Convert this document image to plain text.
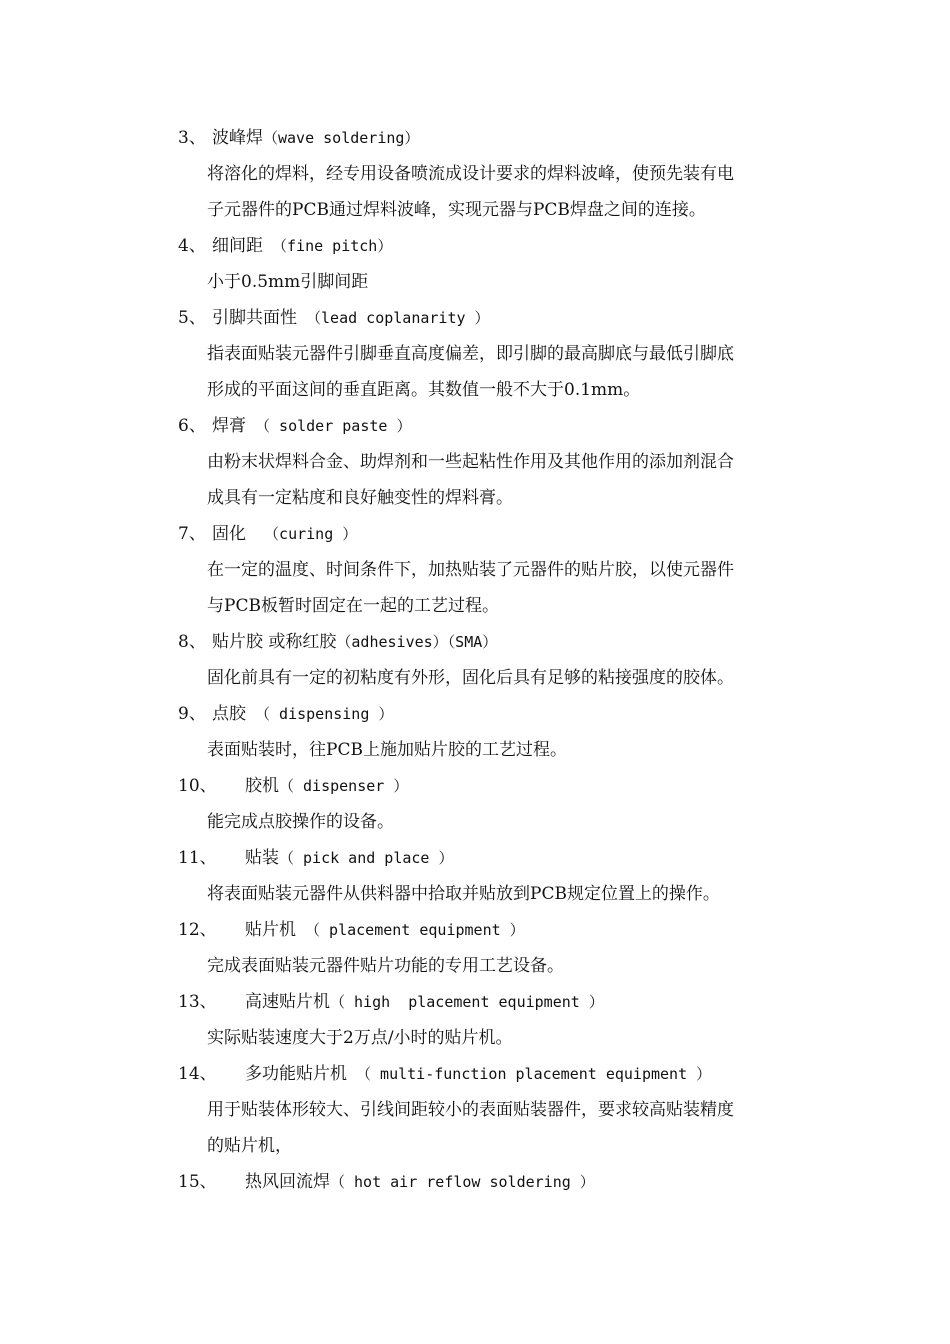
3、 波峰焊（wave soldering）
将溶化的焊料，经专用设备喷流成设计要求的焊料波峰，使预先装有电
子元器件的PCB通过焊料波峰，实现元器与PCB焊盘之间的连接。
4、 细间距 （fine pitch）
小于0.5mm引脚间距
5、 引脚共面性 （lead coplanarity ）
指表面贴装元器件引脚垂直高度偏差，即引脚的最高脚底与最低引脚底
形成的平面这间的垂直距离。其数值一般不大于0.1mm。
6、 焊膏 （ solder paste ）
由粉末状焊料合金、助焊剂和一些起粘性作用及其他作用的添加剂混合
成具有一定粘度和良好触变性的焊料膏。
7、 固化  （curing ）
在一定的温度、时间条件下，加热贴装了元器件的贴片胶，以使元器件
与PCB板暂时固定在一起的工艺过程。
8、 贴片胶 或称红胶（adhesives）（SMA）
固化前具有一定的初粘度有外形，固化后具有足够的粘接强度的胶体。
9、 点胶 （ dispensing ）
表面贴装时，往PCB上施加贴片胶的工艺过程。
10、 胶机（ dispenser ）
能完成点胶操作的设备。
11、 贴装（ pick and place ）
将表面贴装元器件从供料器中拾取并贴放到PCB规定位置上的操作。
12、 贴片机 （ placement equipment ）
完成表面贴装元器件贴片功能的专用工艺设备。
13、 高速贴片机（ high  placement equipment ）
实际贴装速度大于2万点/小时的贴片机。
14、 多功能贴片机 （ multi-function placement equipment ）
用于贴装体形较大、引线间距较小的表面贴装器件，要求较高贴装精度
的贴片机，
15、 热风回流焊（ hot air reflow soldering ）
